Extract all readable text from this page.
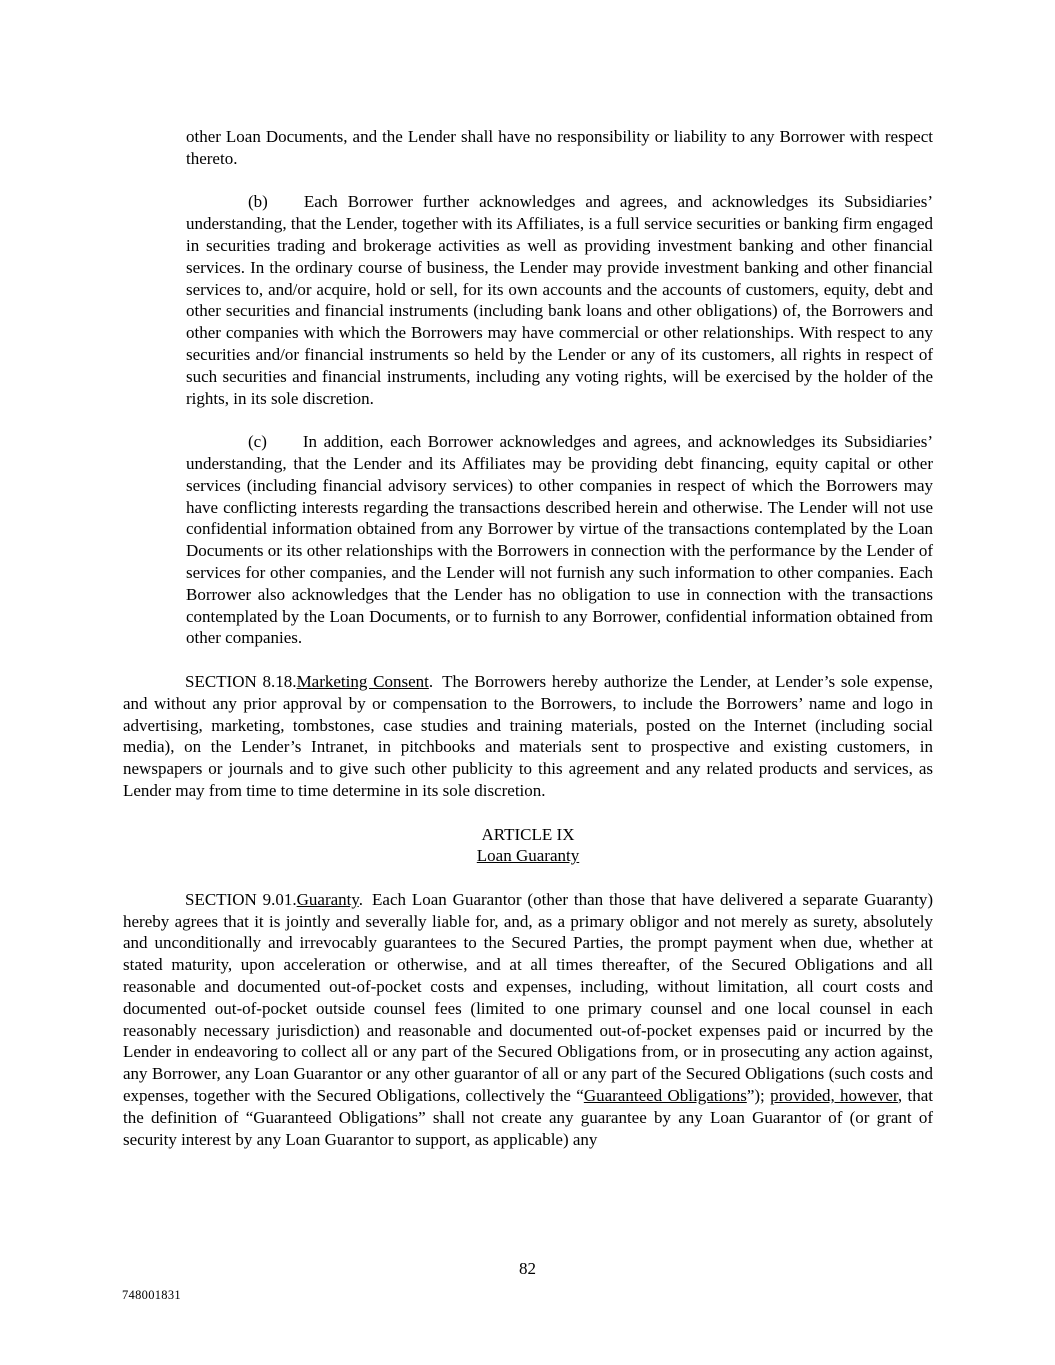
other Loan Documents, and the Lender shall have no responsibility or liability to any Borrower with respect thereto.

(b) Each Borrower further acknowledges and agrees, and acknowledges its Subsidiaries’ understanding, that the Lender, together with its Affiliates, is a full service securities or banking firm engaged in securities trading and brokerage activities as well as providing investment banking and other financial services. In the ordinary course of business, the Lender may provide investment banking and other financial services to, and/or acquire, hold or sell, for its own accounts and the accounts of customers, equity, debt and other securities and financial instruments (including bank loans and other obligations) of, the Borrowers and other companies with which the Borrowers may have commercial or other relationships. With respect to any securities and/or financial instruments so held by the Lender or any of its customers, all rights in respect of such securities and financial instruments, including any voting rights, will be exercised by the holder of the rights, in its sole discretion.

(c) In addition, each Borrower acknowledges and agrees, and acknowledges its Subsidiaries’ understanding, that the Lender and its Affiliates may be providing debt financing, equity capital or other services (including financial advisory services) to other companies in respect of which the Borrowers may have conflicting interests regarding the transactions described herein and otherwise. The Lender will not use confidential information obtained from any Borrower by virtue of the transactions contemplated by the Loan Documents or its other relationships with the Borrowers in connection with the performance by the Lender of services for other companies, and the Lender will not furnish any such information to other companies. Each Borrower also acknowledges that the Lender has no obligation to use in connection with the transactions contemplated by the Loan Documents, or to furnish to any Borrower, confidential information obtained from other companies.

SECTION 8.18.Marketing Consent. The Borrowers hereby authorize the Lender, at Lender’s sole expense, and without any prior approval by or compensation to the Borrowers, to include the Borrowers’ name and logo in advertising, marketing, tombstones, case studies and training materials, posted on the Internet (including social media), on the Lender’s Intranet, in pitchbooks and materials sent to prospective and existing customers, in newspapers or journals and to give such other publicity to this agreement and any related products and services, as Lender may from time to time determine in its sole discretion.

ARTICLE IX
Loan Guaranty

SECTION 9.01.Guaranty. Each Loan Guarantor (other than those that have delivered a separate Guaranty) hereby agrees that it is jointly and severally liable for, and, as a primary obligor and not merely as surety, absolutely and unconditionally and irrevocably guarantees to the Secured Parties, the prompt payment when due, whether at stated maturity, upon acceleration or otherwise, and at all times thereafter, of the Secured Obligations and all reasonable and documented out-of-pocket costs and expenses, including, without limitation, all court costs and documented out-of-pocket outside counsel fees (limited to one primary counsel and one local counsel in each reasonably necessary jurisdiction) and reasonable and documented out-of-pocket expenses paid or incurred by the Lender in endeavoring to collect all or any part of the Secured Obligations from, or in prosecuting any action against, any Borrower, any Loan Guarantor or any other guarantor of all or any part of the Secured Obligations (such costs and expenses, together with the Secured Obligations, collectively the “Guaranteed Obligations”); provided, however, that the definition of “Guaranteed Obligations” shall not create any guarantee by any Loan Guarantor of (or grant of security interest by any Loan Guarantor to support, as applicable) any

82
748001831
